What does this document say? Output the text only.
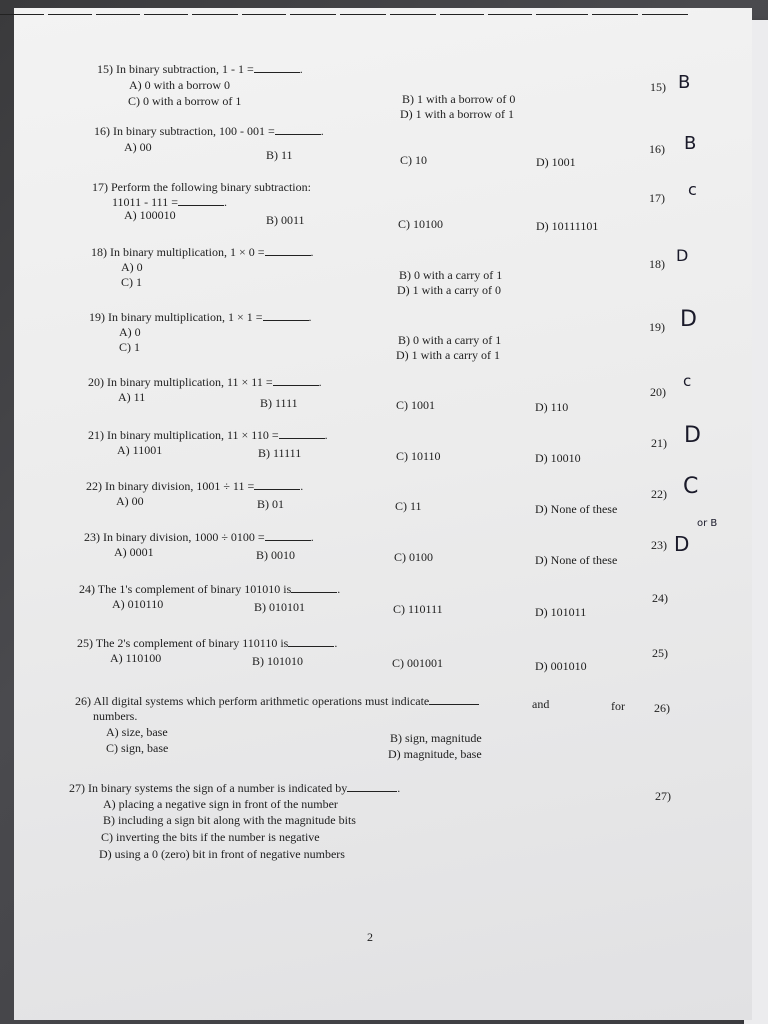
15) In binary subtraction, 1 - 1 =	.
A) 0 with a borrow 0
C) 0 with a borrow of 1	B) 1 with a borrow of 0
D) 1 with a borrow of 1
15)
B
16) In binary subtraction, 100 - 001 =	.
A) 00
B) 11	C) 10	D) 1001
16)
B
17) Perform the following binary subtraction:
11011 - 111 =	.
A) 100010	B) 0011	C) 10100	D) 10111101
17)
c
18) In binary multiplication, 1 × 0 =	.
A) 0
C) 1	B) 0 with a carry of 1
D) 1 with a carry of 0
18)
D
19) In binary multiplication, 1 × 1 =	.
A) 0
C) 1	B) 0 with a carry of 1
D) 1 with a carry of 1
19)
D
20) In binary multiplication, 11 × 11 =	.
A) 11	B) 1111	C) 1001	D) 110
20)

c
21) In binary multiplication, 11 × 110 =	.
A) 11001	B) 11111	C) 10110	D) 10010
21)
D
22) In binary division, 1001 ÷ 11 =	.
A) 00	B) 01	C) 11	D) None of these
22)
C
23) In binary division, 1000 ÷ 0100 =	.
A) 0001	B) 0010	C) 0100	D) None of these
23)
D
or B
24) The 1's complement of binary 101010 is	.
A) 010110	B) 010101	C) 110111	D) 101011
24)

25) The 2's complement of binary 110110 is	.
A) 110100	B) 101010	C) 001001	D) 001010
25)

26) All digital systems which perform arithmetic operations must indicate	and
	for
numbers.
A) size, base
C) sign, base
B) sign, magnitude
D) magnitude, base
26)

27) In binary systems the sign of a number is indicated by	.
A) placing a negative sign in front of the number
B) including a sign bit along with the magnitude bits
C) inverting the bits if the number is negative
D) using a 0 (zero) bit in front of negative numbers
27)
2
